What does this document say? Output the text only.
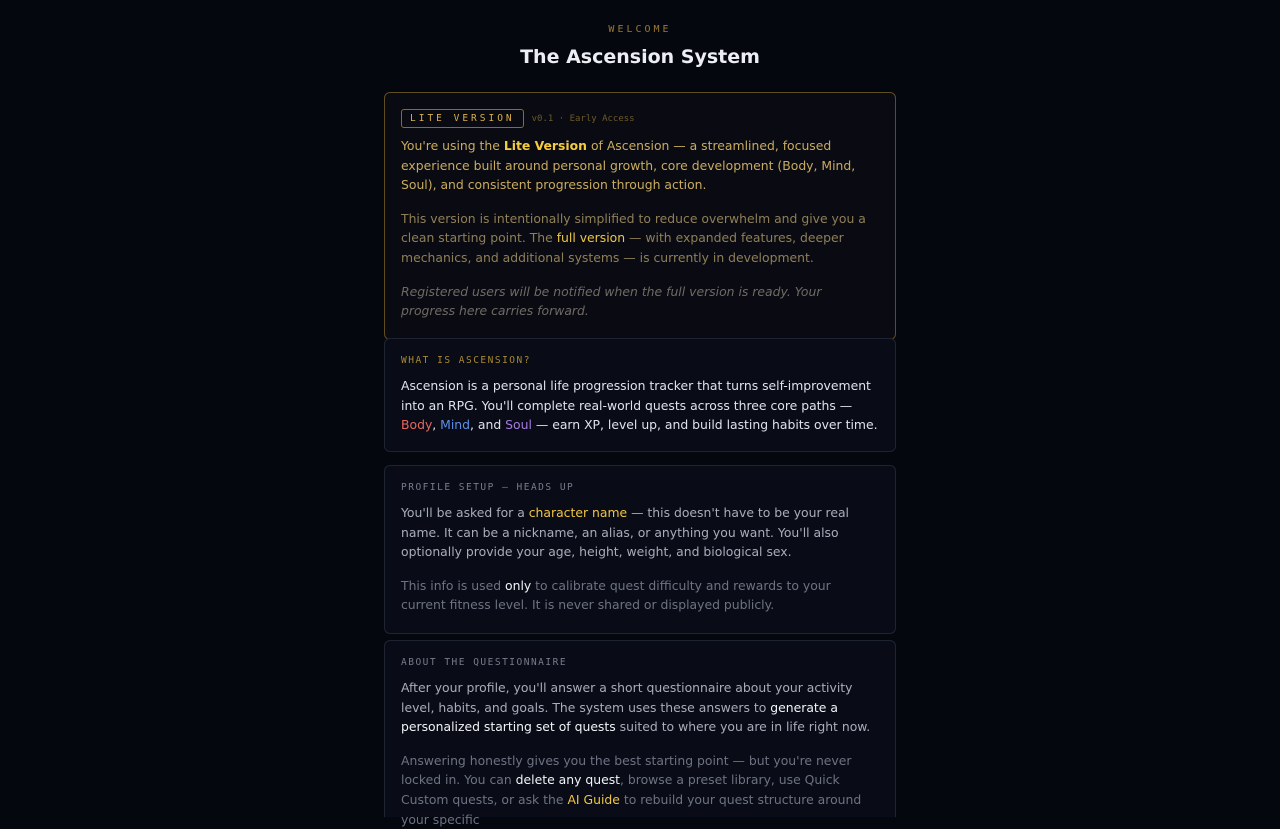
WELCOME
The Ascension System
LITE VERSION	v0.1 · Early Access

You're using the Lite Version of Ascension — a streamlined, focused experience built around personal growth, core development (Body, Mind, Soul), and consistent progression through action.

This version is intentionally simplified to reduce overwhelm and give you a clean starting point. The full version — with expanded features, deeper mechanics, and additional systems — is currently in development.

Registered users will be notified when the full version is ready. Your progress here carries forward.

WHAT IS ASCENSION?

Ascension is a personal life progression tracker that turns self-improvement into an RPG. You'll complete real-world quests across three core paths — Body, Mind, and Soul — earn XP, level up, and build lasting habits over time.

PROFILE SETUP — HEADS UP

You'll be asked for a character name — this doesn't have to be your real name. It can be a nickname, an alias, or anything you want. You'll also optionally provide your age, height, weight, and biological sex.

This info is used only to calibrate quest difficulty and rewards to your current fitness level. It is never shared or displayed publicly.

ABOUT THE QUESTIONNAIRE

After your profile, you'll answer a short questionnaire about your activity level, habits, and goals. The system uses these answers to generate a personalized starting set of quests suited to where you are in life right now.

Answering honestly gives you the best starting point — but you're never locked in. You can delete any quest, browse a preset library, use Quick Custom quests, or ask the AI Guide to rebuild your quest structure around your specific
